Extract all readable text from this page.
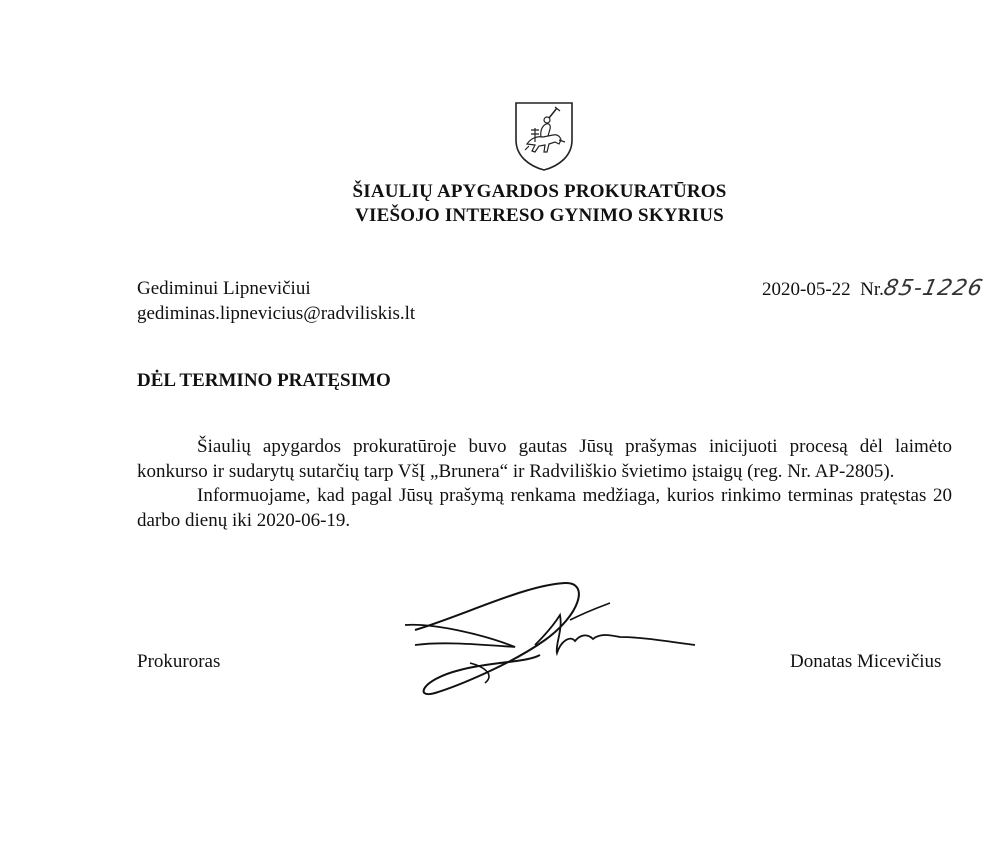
ŠIAULIŲ APYGARDOS PROKURATŪROS
VIEŠOJO INTERESO GYNIMO SKYRIUS
Gediminui Lipnevičiui
gediminas.lipnevicius@radviliskis.lt
2020-05-22 Nr.85-1226
DĖL TERMINO PRATĘSIMO

Šiaulių apygardos prokuratūroje buvo gautas Jūsų prašymas inicijuoti procesą dėl laimėto konkurso ir sudarytų sutarčių tarp VšĮ „Brunera“ ir Radviliškio švietimo įstaigų (reg. Nr. AP-2805).

Informuojame, kad pagal Jūsų prašymą renkama medžiaga, kurios rinkimo terminas pratęstas 20 darbo dienų iki 2020-06-19.

Prokuroras	Donatas Micevičius
